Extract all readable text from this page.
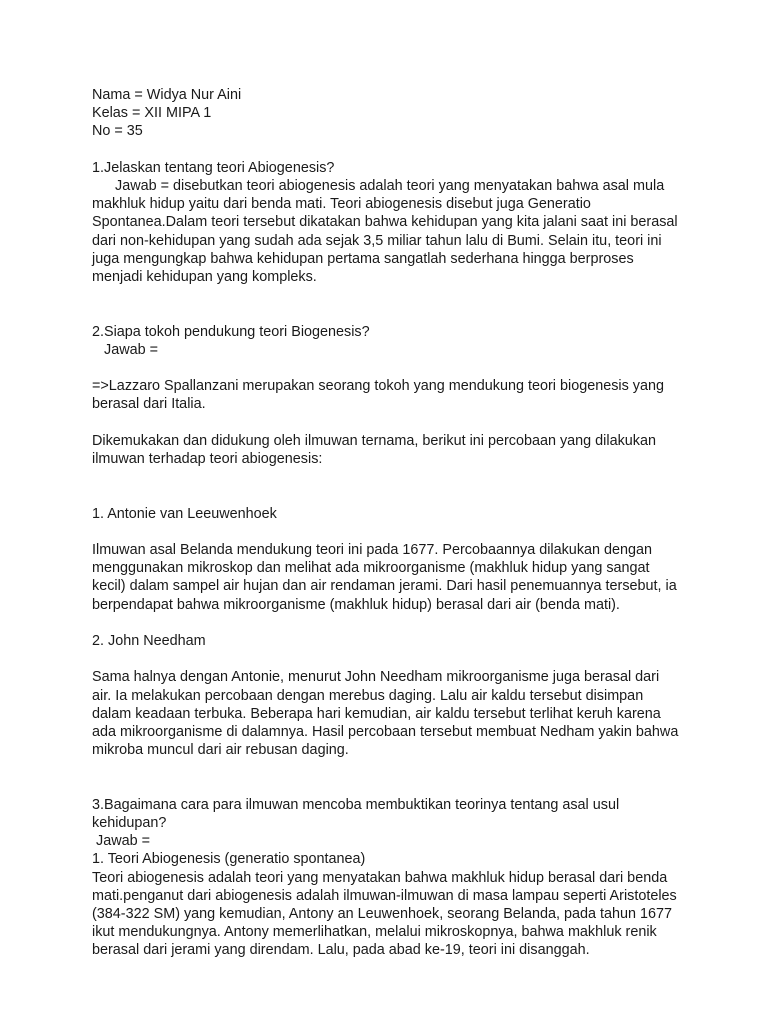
Nama = Widya Nur Aini
Kelas = XII MIPA 1
No = 35
1.Jelaskan tentang teori Abiogenesis?
Jawab = disebutkan teori abiogenesis adalah teori yang menyatakan bahwa asal mula
makhluk hidup yaitu dari benda mati. Teori abiogenesis disebut juga Generatio
Spontanea.Dalam teori tersebut dikatakan bahwa kehidupan yang kita jalani saat ini berasal
dari non-kehidupan yang sudah ada sejak 3,5 miliar tahun lalu di Bumi. Selain itu, teori ini
juga mengungkap bahwa kehidupan pertama sangatlah sederhana hingga berproses
menjadi kehidupan yang kompleks.
2.Siapa tokoh pendukung teori Biogenesis?
Jawab =
=>Lazzaro Spallanzani merupakan seorang tokoh yang mendukung teori biogenesis yang
berasal dari Italia.
Dikemukakan dan didukung oleh ilmuwan ternama, berikut ini percobaan yang dilakukan
ilmuwan terhadap teori abiogenesis:
1. Antonie van Leeuwenhoek
Ilmuwan asal Belanda mendukung teori ini pada 1677. Percobaannya dilakukan dengan
menggunakan mikroskop dan melihat ada mikroorganisme (makhluk hidup yang sangat
kecil) dalam sampel air hujan dan air rendaman jerami. Dari hasil penemuannya tersebut, ia
berpendapat bahwa mikroorganisme (makhluk hidup) berasal dari air (benda mati).
2. John Needham
Sama halnya dengan Antonie, menurut John Needham mikroorganisme juga berasal dari
air. Ia melakukan percobaan dengan merebus daging. Lalu air kaldu tersebut disimpan
dalam keadaan terbuka. Beberapa hari kemudian, air kaldu tersebut terlihat keruh karena
ada mikroorganisme di dalamnya. Hasil percobaan tersebut membuat Nedham yakin bahwa
mikroba muncul dari air rebusan daging.
3.Bagaimana cara para ilmuwan mencoba membuktikan teorinya tentang asal usul
kehidupan?
Jawab =
1. Teori Abiogenesis (generatio spontanea)
Teori abiogenesis adalah teori yang menyatakan bahwa makhluk hidup berasal dari benda
mati.penganut dari abiogenesis adalah ilmuwan-ilmuwan di masa lampau seperti Aristoteles
(384-322 SM) yang kemudian, Antony an Leuwenhoek, seorang Belanda, pada tahun 1677
ikut mendukungnya. Antony memerlihatkan, melalui mikroskopnya, bahwa makhluk renik
berasal dari jerami yang direndam. Lalu, pada abad ke-19, teori ini disanggah.
